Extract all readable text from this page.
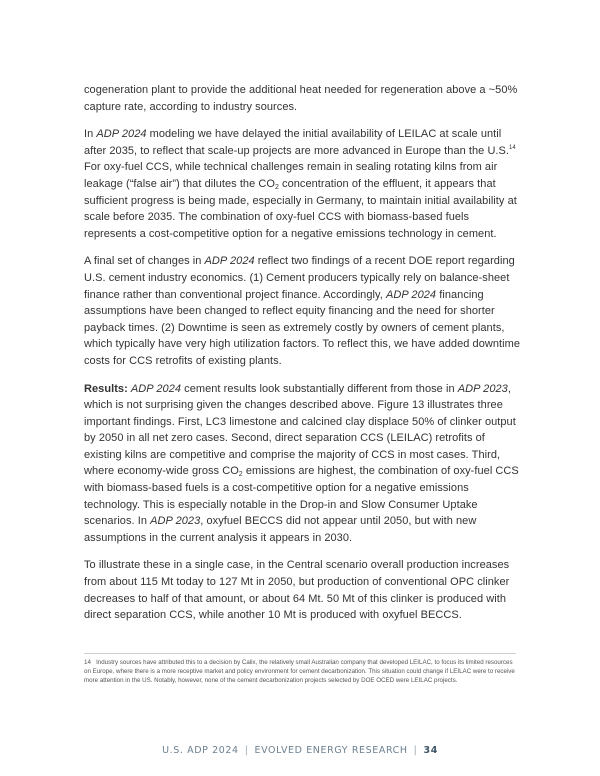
cogeneration plant to provide the additional heat needed for regeneration above a ~50% capture rate, according to industry sources.

In ADP 2024 modeling we have delayed the initial availability of LEILAC at scale until after 2035, to reflect that scale-up projects are more advanced in Europe than the U.S.$^{14}$ For oxy-fuel CCS, while technical challenges remain in sealing rotating kilns from air leakage (“false air”) that dilutes the $CO_2$ concentration of the effluent, it appears that sufficient progress is being made, especially in Germany, to maintain initial availability at scale before 2035. The combination of oxy-fuel CCS with biomass-based fuels represents a cost-competitive option for a negative emissions technology in cement.

A final set of changes in ADP 2024 reflect two findings of a recent DOE report regarding U.S. cement industry economics. (1) Cement producers typically rely on balance-sheet finance rather than conventional project finance. Accordingly, ADP 2024 financing assumptions have been changed to reflect equity financing and the need for shorter payback times. (2) Downtime is seen as extremely costly by owners of cement plants, which typically have very high utilization factors. To reflect this, we have added downtime costs for CCS retrofits of existing plants.

Results: ADP 2024 cement results look substantially different from those in ADP 2023, which is not surprising given the changes described above. Figure 13 illustrates three important findings. First, LC3 limestone and calcined clay displace 50% of clinker output by 2050 in all net zero cases. Second, direct separation CCS (LEILAC) retrofits of existing kilns are competitive and comprise the majority of CCS in most cases. Third, where economy-wide gross $CO_2$ emissions are highest, the combination of oxy-fuel CCS with biomass-based fuels is a cost-competitive option for a negative emissions technology. This is especially notable in the Drop-in and Slow Consumer Uptake scenarios. In ADP 2023, oxyfuel BECCS did not appear until 2050, but with new assumptions in the current analysis it appears in 2030.

To illustrate these in a single case, in the Central scenario overall production increases from about 115 Mt today to 127 Mt in 2050, but production of conventional OPC clinker decreases to half of that amount, or about 64 Mt. 50 Mt of this clinker is produced with direct separation CCS, while another 10 Mt is produced with oxyfuel BECCS.

14 Industry sources have attributed this to a decision by Calix, the relatively small Australian company that developed LEILAC, to focus its limited resources on Europe, where there is a more receptive market and policy environment for cement decarbonization. This situation could change if LEILAC were to receive more attention in the US. Notably, however, none of the cement decarbonization projects selected by DOE OCED were LEILAC projects.
U.S. ADP 2024 | EVOLVED ENERGY RESEARCH | 34
